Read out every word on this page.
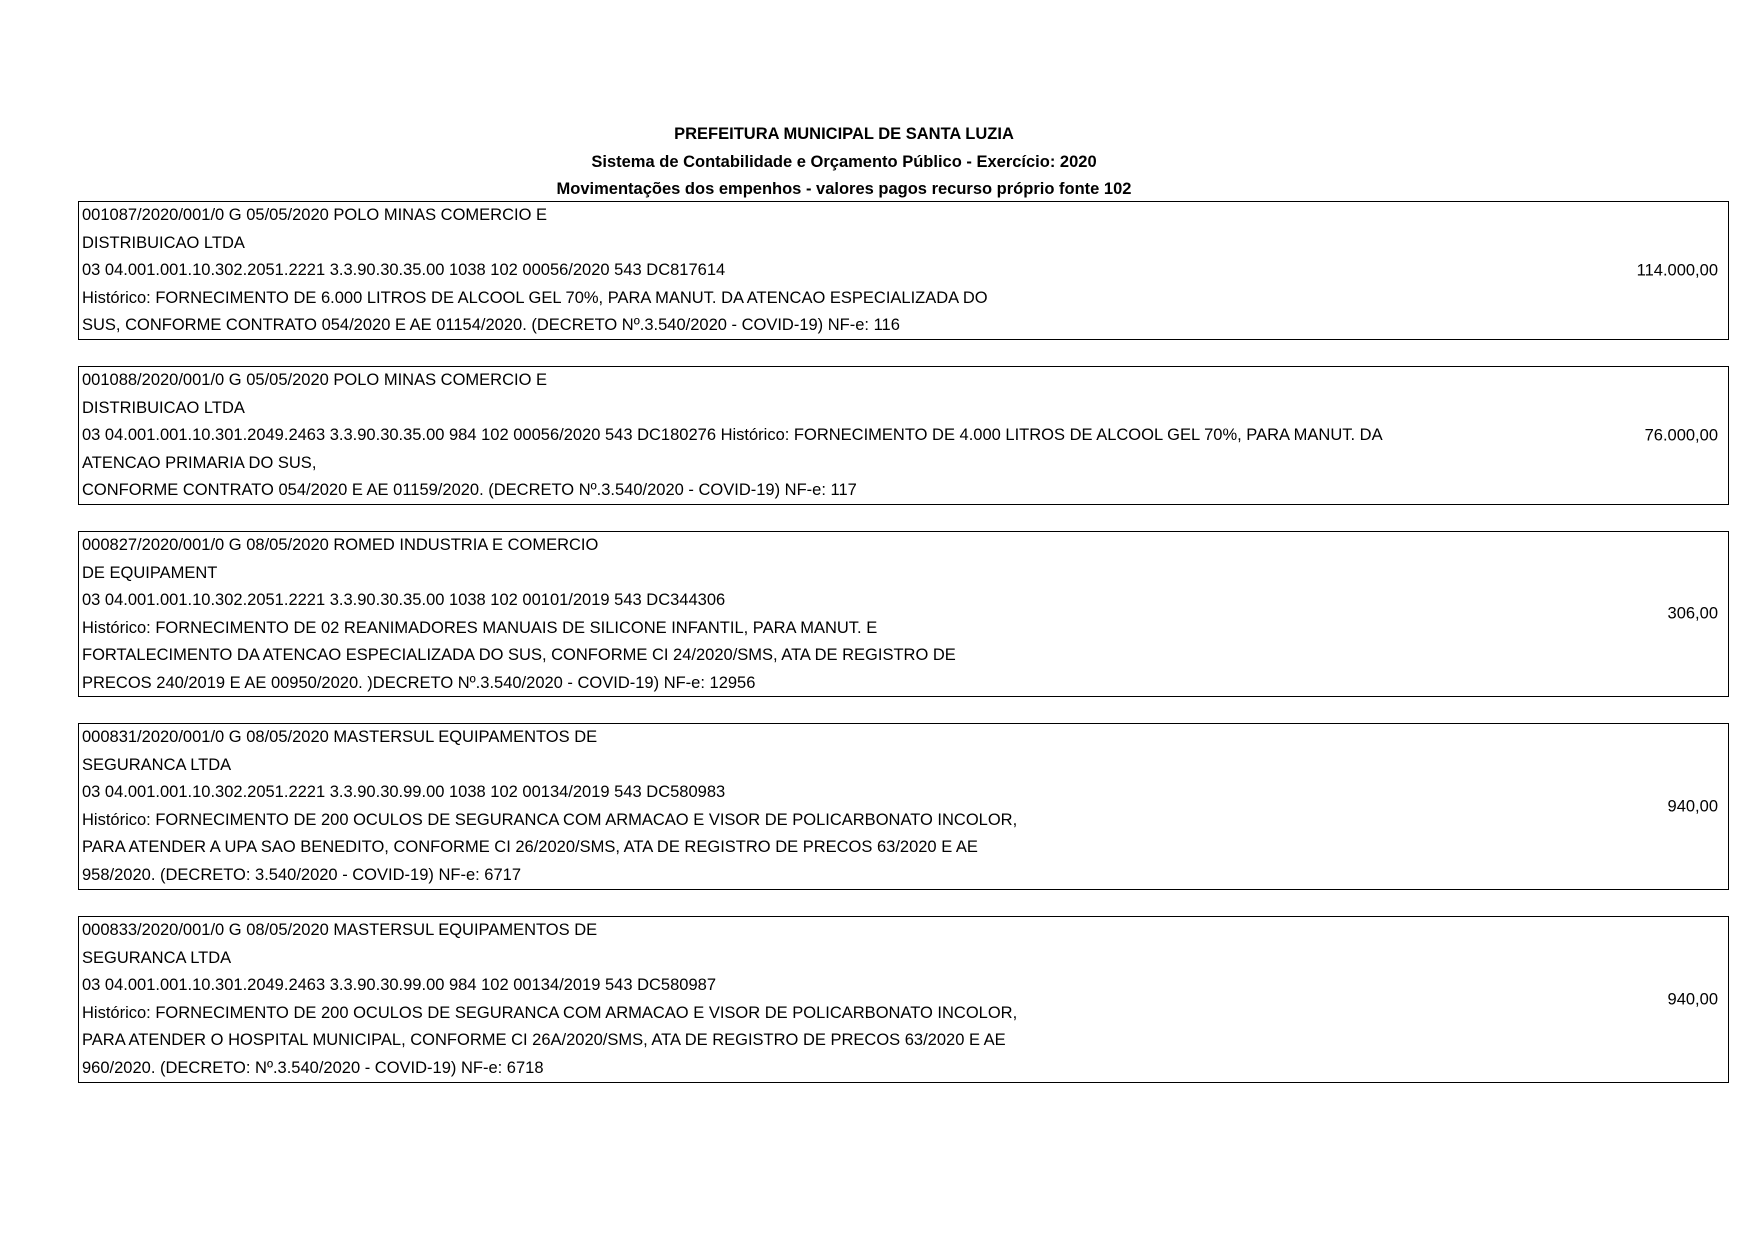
PREFEITURA MUNICIPAL DE SANTA LUZIA
Sistema de Contabilidade e Orçamento Público - Exercício: 2020
Movimentações dos empenhos - valores pagos recurso próprio fonte 102
001087/2020/001/0 G 05/05/2020 POLO MINAS COMERCIO E
DISTRIBUICAO LTDA
03 04.001.001.10.302.2051.2221 3.3.90.30.35.00 1038 102 00056/2020 543 DC817614
Histórico: FORNECIMENTO DE 6.000 LITROS DE ALCOOL GEL 70%, PARA MANUT. DA ATENCAO ESPECIALIZADA DO
SUS, CONFORME CONTRATO 054/2020 E AE 01154/2020. (DECRETO Nº.3.540/2020 - COVID-19) NF-e: 116
114.000,00
001088/2020/001/0 G 05/05/2020 POLO MINAS COMERCIO E
DISTRIBUICAO LTDA
03 04.001.001.10.301.2049.2463 3.3.90.30.35.00 984 102 00056/2020 543 DC180276 Histórico: FORNECIMENTO DE 4.000 LITROS DE ALCOOL GEL 70%, PARA MANUT. DA
ATENCAO PRIMARIA DO SUS,
CONFORME CONTRATO 054/2020 E AE 01159/2020. (DECRETO Nº.3.540/2020 - COVID-19) NF-e: 117
76.000,00
000827/2020/001/0 G 08/05/2020 ROMED INDUSTRIA E COMERCIO
DE EQUIPAMENT
03 04.001.001.10.302.2051.2221 3.3.90.30.35.00 1038 102 00101/2019 543 DC344306
Histórico: FORNECIMENTO DE 02 REANIMADORES MANUAIS DE SILICONE INFANTIL, PARA MANUT. E
FORTALECIMENTO DA ATENCAO ESPECIALIZADA DO SUS, CONFORME CI 24/2020/SMS, ATA DE REGISTRO DE
PRECOS 240/2019 E AE 00950/2020. )DECRETO Nº.3.540/2020 - COVID-19) NF-e: 12956
306,00
000831/2020/001/0 G 08/05/2020 MASTERSUL EQUIPAMENTOS DE
SEGURANCA LTDA
03 04.001.001.10.302.2051.2221 3.3.90.30.99.00 1038 102 00134/2019 543 DC580983
Histórico: FORNECIMENTO DE 200 OCULOS DE SEGURANCA COM ARMACAO E VISOR DE POLICARBONATO INCOLOR,
PARA ATENDER A UPA SAO BENEDITO, CONFORME CI 26/2020/SMS, ATA DE REGISTRO DE PRECOS 63/2020 E AE
958/2020. (DECRETO: 3.540/2020 - COVID-19) NF-e: 6717
940,00
000833/2020/001/0 G 08/05/2020 MASTERSUL EQUIPAMENTOS DE
SEGURANCA LTDA
03 04.001.001.10.301.2049.2463 3.3.90.30.99.00 984 102 00134/2019 543 DC580987
Histórico: FORNECIMENTO DE 200 OCULOS DE SEGURANCA COM ARMACAO E VISOR DE POLICARBONATO INCOLOR,
PARA ATENDER O HOSPITAL MUNICIPAL, CONFORME CI 26A/2020/SMS, ATA DE REGISTRO DE PRECOS 63/2020 E AE
960/2020. (DECRETO: Nº.3.540/2020 - COVID-19) NF-e: 6718
940,00
